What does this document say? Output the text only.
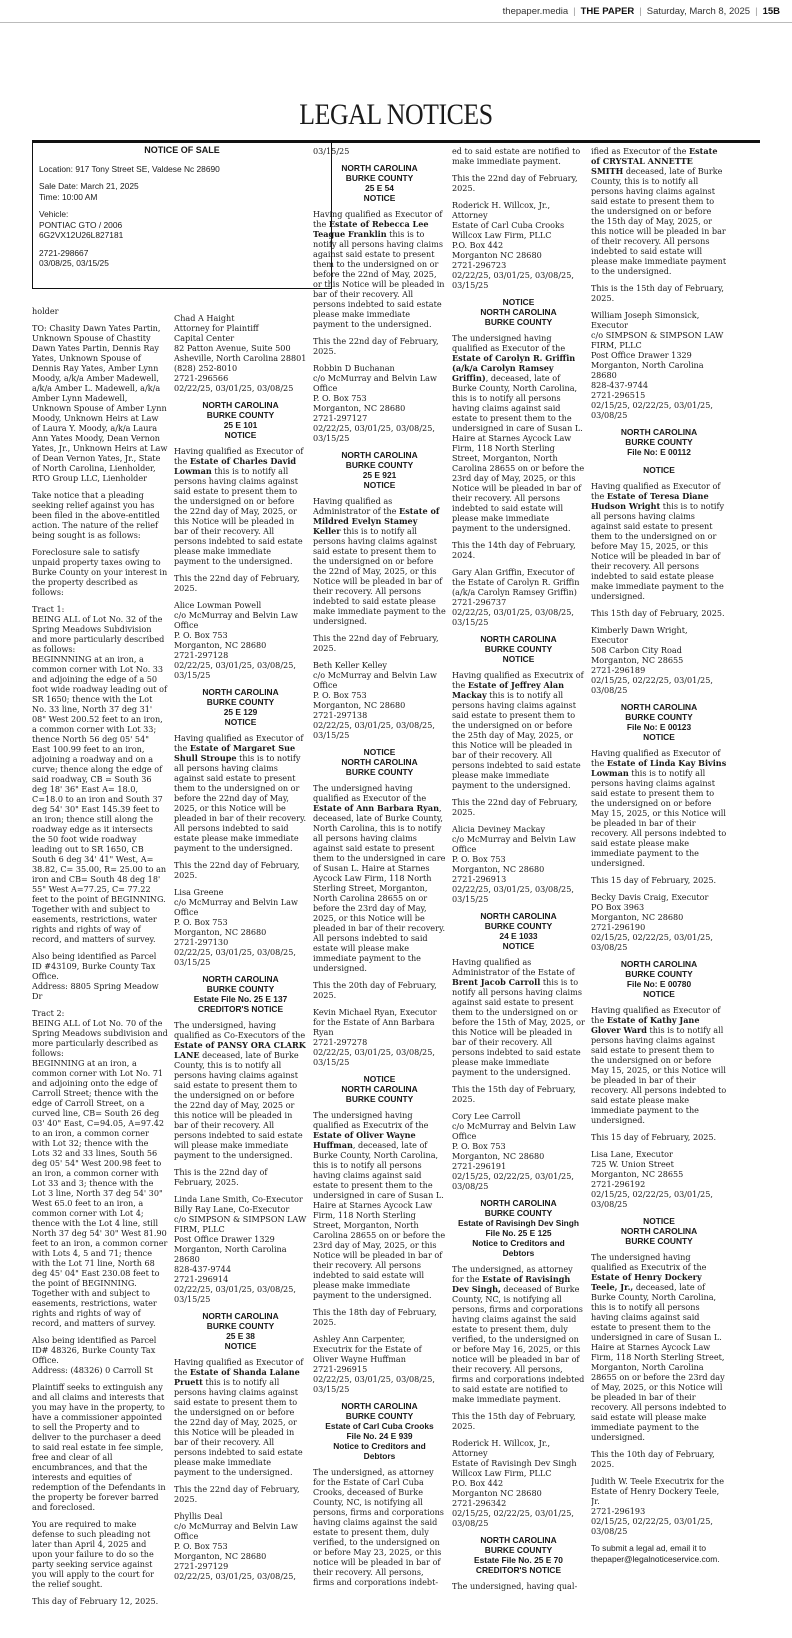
thepaper.media | THE PAPER | Saturday, March 8, 2025 | 15B
LEGAL NOTICES

holder

TO: Chasity Dawn Yates Partin, Unknown Spouse of Chastity Dawn Yates Partin, Dennis Ray Yates, Unknown Spouse of Dennis Ray Yates, Amber Lynn Moody, a/k/a Amber Madewell, a/k/a Amber L. Madewell, a/k/a Amber Lynn Madewell, Unknown Spouse of Amber Lynn Moody, Unknown Heirs at Law of Laura Y. Moody, a/k/a Laura Ann Yates Moody, Dean Vernon Yates, Jr., Unknown Heirs at Law of Dean Vernon Yates, Jr., State of North Carolina, Lienholder, RTO Group LLC, Lienholder

Take notice that a pleading seeking relief against you has been filed in the above-entitled action. The nature of the relief being sought is as follows:

Foreclosure sale to satisfy unpaid property taxes owing to Burke County on your interest in the property described as follows:

Tract 1:
BEING ALL of Lot No. 32 of the Spring Meadows Subdivision and more particularly described as follows:
BEGINNNING at an iron, a common corner with Lot No. 33 and adjoining the edge of a 50 foot wide roadway leading out of SR 1650; thence with the Lot No. 33 line, North 37 deg 31' 08" West 200.52 feet to an iron, a common corner with Lot 33; thence North 56 deg 05' 54" East 100.99 feet to an iron, adjoining a roadway and on a curve; thence along the edge of said roadway, CB = South 36 deg 18' 36" East A= 18.0, C=18.0 to an iron and South 37 deg 54' 30" East 145.39 feet to an iron; thence still along the roadway edge as it intersects the 50 foot wide roadway leading out to SR 1650, CB South 6 deg 34' 41" West, A= 38.82, C= 35.00, R= 25.00 to an iron and CB= South 48 deg 18' 55" West A=77.25, C= 77.22 feet to the point of BEGINNING.
Together with and subject to easements, restrictions, water rights and rights of way of record, and matters of survey.

Also being identified as Parcel ID #43109, Burke County Tax Office.
Address: 8805 Spring Meadow Dr

Tract 2:
BEING ALL of Lot No. 70 of the Spring Meadows subdivision and more particularly described as follows:
BEGINNING at an iron, a common corner with Lot No. 71 and adjoining onto the edge of Carroll Street; thence with the edge of Carroll Street, on a curved line, CB= South 26 deg 03' 40" East, C=94.05, A=97.42 to an iron, a common corner with Lot 32; thence with the Lots 32 and 33 lines, South 56 deg 05' 54" West 200.98 feet to an iron, a common corner with Lot 33 and 3; thence with the Lot 3 line, North 37 deg 54' 30" West 65.0 feet to an iron, a common corner with Lot 4; thence with the Lot 4 line, still North 37 deg 54' 30" West 81.90 feet to an iron, a common corner with Lots 4, 5 and 71; thence with the Lot 71 line, North 68 deg 45' 04" East 230.08 feet to the point of BEGINNING.
Together with and subject to easements, restrictions, water rights and rights of way of record, and matters of survey.

Also being identified as Parcel ID# 48326, Burke County Tax Office.
Address: (48326) 0 Carroll St

Plaintiff seeks to extinguish any and all claims and interests that you may have in the property, to have a commissioner appointed to sell the Property and to deliver to the purchaser a deed to said real estate in fee simple, free and clear of all encumbrances, and that the interests and equities of redemption of the Defendants in the property be forever barred and foreclosed.

You are required to make defense to such pleading not later than April 4, 2025 and upon your failure to do so the party seeking service against you will apply to the court for the relief sought.

This day of February 12, 2025.

NOTICE OF SALE
Location: 917 Tony Street SE, Valdese Nc 28690
Sale Date: March 21, 2025
Time: 10:00 AM
Vehicle:
PONTIAC GTO / 2006
6G2VX12U26L827181
2721-298667
03/08/25, 03/15/25

Chad A Haight
Attorney for Plaintiff
Capital Center
82 Patton Avenue, Suite 500
Asheville, North Carolina 28801
(828) 252-8010
2721-296566
02/22/25, 03/01/25, 03/08/25

NORTH CAROLINA
BURKE COUNTY
25 E 101
NOTICE

Having qualified as Executor of the Estate of Charles David Lowman this is to notify all persons having claims against said estate to present them to the undersigned on or before the 22nd day of May, 2025, or this Notice will be pleaded in bar of their recovery. All persons indebted to said estate please make immediate payment to the undersigned.

This the 22nd day of February, 2025.

Alice Lowman Powell
c/o McMurray and Belvin Law Office
P. O. Box 753
Morganton, NC 28680
2721-297128
02/22/25, 03/01/25, 03/08/25, 03/15/25

NORTH CAROLINA
BURKE COUNTY
25 E 129
NOTICE

Having qualified as Executor of the Estate of Margaret Sue Shull Stroupe this is to notify all persons having claims against said estate to present them to the undersigned on or before the 22nd day of May, 2025, or this Notice will be pleaded in bar of their recovery. All persons indebted to said estate please make immediate payment to the undersigned.

This the 22nd day of February, 2025.

Lisa Greene
c/o McMurray and Belvin Law Office
P. O. Box 753
Morganton, NC 28680
2721-297130
02/22/25, 03/01/25, 03/08/25, 03/15/25

NORTH CAROLINA
BURKE COUNTY
Estate File No. 25 E 137
CREDITOR'S NOTICE

The undersigned, having qualified as Co-Executors of the Estate of PANSY ORA CLARK LANE deceased, late of Burke County, this is to notify all persons having claims against said estate to present them to the undersigned on or before the 22nd day of May, 2025 or this notice will be pleaded in bar of their recovery. All persons indebted to said estate will please make immediate payment to the undersigned.

This is the 22nd day of February, 2025.

Linda Lane Smith, Co-Executor
Billy Ray Lane, Co-Executor
c/o SIMPSON & SIMPSON LAW FIRM, PLLC
Post Office Drawer 1329
Morganton, North Carolina 28680
828-437-9744
2721-296914
02/22/25, 03/01/25, 03/08/25, 03/15/25

NORTH CAROLINA
BURKE COUNTY
25 E 38
NOTICE

Having qualified as Executor of the Estate of Shanda Lalane Pruett this is to notify all persons having claims against said estate to present them to the undersigned on or before the 22nd day of May, 2025, or this Notice will be pleaded in bar of their recovery. All persons indebted to said estate please make immediate payment to the undersigned.

This the 22nd day of February, 2025.

Phyllis Deal
c/o McMurray and Belvin Law Office
P. O. Box 753
Morganton, NC 28680
2721-297129
02/22/25, 03/01/25, 03/08/25,

03/15/25

NORTH CAROLINA
BURKE COUNTY
25 E 54
NOTICE

Having qualified as Executor of the Estate of Rebecca Lee Teague Franklin this is to notify all persons having claims against said estate to present them to the undersigned on or before the 22nd of May, 2025, or this Notice will be pleaded in bar of their recovery. All persons indebted to said estate please make immediate payment to the undersigned.

This the 22nd day of February, 2025.

Robbin D Buchanan
c/o McMurray and Belvin Law Office
P. O. Box 753
Morganton, NC 28680
2721-297127
02/22/25, 03/01/25, 03/08/25, 03/15/25

NORTH CAROLINA
BURKE COUNTY
25 E 921
NOTICE

Having qualified as Administrator of the Estate of Mildred Evelyn Stamey Keller this is to notify all persons having claims against said estate to present them to the undersigned on or before the 22nd of May, 2025, or this Notice will be pleaded in bar of their recovery. All persons indebted to said estate please make immediate payment to the undersigned.

This the 22nd day of February, 2025.

Beth Keller Kelley
c/o McMurray and Belvin Law Office
P. O. Box 753
Morganton, NC 28680
2721-297138
02/22/25, 03/01/25, 03/08/25, 03/15/25

NOTICE
NORTH CAROLINA
BURKE COUNTY

The undersigned having qualified as Executor of the Estate of Ann Barbara Ryan, deceased, late of Burke County, North Carolina, this is to notify all persons having claims against said estate to present them to the undersigned in care of Susan L. Haire at Starnes Aycock Law Firm, 118 North Sterling Street, Morganton, North Carolina 28655 on or before the 23rd day of May, 2025, or this Notice will be pleaded in bar of their recovery. All persons indebted to said estate will please make immediate payment to the undersigned.

This the 20th day of February, 2025.

Kevin Michael Ryan, Executor for the Estate of Ann Barbara Ryan
2721-297278
02/22/25, 03/01/25, 03/08/25, 03/15/25

NOTICE
NORTH CAROLINA
BURKE COUNTY

The undersigned having qualified as Executrix of the Estate of Oliver Wayne Huffman, deceased, late of Burke County, North Carolina, this is to notify all persons having claims against said estate to present them to the undersigned in care of Susan L. Haire at Starnes Aycock Law Firm, 118 North Sterling Street, Morganton, North Carolina 28655 on or before the 23rd day of May, 2025, or this Notice will be pleaded in bar of their recovery. All persons indebted to said estate will please make immediate payment to the undersigned.

This the 18th day of February, 2025.

Ashley Ann Carpenter, Executrix for the Estate of Oliver Wayne Huffman
2721-296915
02/22/25, 03/01/25, 03/08/25, 03/15/25

NORTH CAROLINA
BURKE COUNTY
Estate of Carl Cuba Crooks
File No. 24 E 939
Notice to Creditors and
Debtors

The undersigned, as attorney for the Estate of Carl Cuba Crooks, deceased of Burke County, NC, is notifying all persons, firms and corporations having claims against the said estate to present them, duly verified, to the undersigned on or before May 23, 2025, or this notice will be pleaded in bar of their recovery. All persons, firms and corporations indebt-

ed to said estate are notified to make immediate payment.

This the 22nd day of February, 2025.

Roderick H. Willcox, Jr., Attorney
Estate of Carl Cuba Crooks
Willcox Law Firm, PLLC
P.O. Box 442
Morganton NC 28680
2721-296723
02/22/25, 03/01/25, 03/08/25, 03/15/25

NOTICE
NORTH CAROLINA
BURKE COUNTY

The undersigned having qualified as Executor of the Estate of Carolyn R. Griffin (a/k/a Carolyn Ramsey Griffin), deceased, late of Burke County, North Carolina, this is to notify all persons having claims against said estate to present them to the undersigned in care of Susan L. Haire at Starnes Aycock Law Firm, 118 North Sterling Street, Morganton, North Carolina 28655 on or before the 23rd day of May, 2025, or this Notice will be pleaded in bar of their recovery. All persons indebted to said estate will please make immediate payment to the undersigned.

This the 14th day of February, 2024.

Gary Alan Griffin, Executor of the Estate of Carolyn R. Griffin (a/k/a Carolyn Ramsey Griffin)
2721-296737
02/22/25, 03/01/25, 03/08/25, 03/15/25

NORTH CAROLINA
BURKE COUNTY
NOTICE

Having qualified as Executrix of the Estate of Jeffrey Alan Mackay this is to notify all persons having claims against said estate to present them to the undersigned on or before the 25th day of May, 2025, or this Notice will be pleaded in bar of their recovery. All persons indebted to said estate please make immediate payment to the undersigned.

This the 22nd day of February, 2025.

Alicia Deviney Mackay
c/o McMurray and Belvin Law Office
P. O. Box 753
Morganton, NC 28680
2721-296913
02/22/25, 03/01/25, 03/08/25, 03/15/25

NORTH CAROLINA
BURKE COUNTY
24 E 1033
NOTICE

Having qualified as Administrator of the Estate of Brent Jacob Carroll this is to notify all persons having claims against said estate to present them to the undersigned on or before the 15th of May, 2025, or this Notice will be pleaded in bar of their recovery. All persons indebted to said estate please make immediate payment to the undersigned.

This the 15th day of February, 2025.

Cory Lee Carroll
c/o McMurray and Belvin Law Office
P. O. Box 753
Morganton, NC 28680
2721-296191
02/15/25, 02/22/25, 03/01/25, 03/08/25

NORTH CAROLINA
BURKE COUNTY
Estate of Ravisingh Dev Singh
File No. 25 E 125
Notice to Creditors and
Debtors

The undersigned, as attorney for the Estate of Ravisingh Dev Singh, deceased of Burke County, NC, is notifying all persons, firms and corporations having claims against the said estate to present them, duly verified, to the undersigned on or before May 16, 2025, or this notice will be pleaded in bar of their recovery. All persons, firms and corporations indebted to said estate are notified to make immediate payment.

This the 15th day of February, 2025.

Roderick H. Willcox, Jr., Attorney
Estate of Ravisingh Dev Singh
Willcox Law Firm, PLLC
P.O. Box 442
Morganton NC 28680
2721-296342
02/15/25, 02/22/25, 03/01/25, 03/08/25

NORTH CAROLINA
BURKE COUNTY
Estate File No. 25 E 70
CREDITOR'S NOTICE

The undersigned, having qual-

ified as Executor of the Estate of CRYSTAL ANNETTE SMITH deceased, late of Burke County, this is to notify all persons having claims against said estate to present them to the undersigned on or before the 15th day of May, 2025, or this notice will be pleaded in bar of their recovery. All persons indebted to said estate will please make immediate payment to the undersigned.

This is the 15th day of February, 2025.

William Joseph Simonsick, Executor
c/o SIMPSON & SIMPSON LAW FIRM, PLLC
Post Office Drawer 1329
Morganton, North Carolina 28680
828-437-9744
2721-296515
02/15/25, 02/22/25, 03/01/25, 03/08/25

NORTH CAROLINA
BURKE COUNTY
File No: E 00112
NOTICE

Having qualified as Executor of the Estate of Teresa Diane Hudson Wright this is to notify all persons having claims against said estate to present them to the undersigned on or before May 15, 2025, or this Notice will be pleaded in bar of their recovery. All persons indebted to said estate please make immediate payment to the undersigned.

This 15th day of February, 2025.

Kimberly Dawn Wright, Executor
508 Carbon City Road
Morganton, NC 28655
2721-296189
02/15/25, 02/22/25, 03/01/25, 03/08/25

NORTH CAROLINA
BURKE COUNTY
File No: E 00123
NOTICE

Having qualified as Executor of the Estate of Linda Kay Bivins Lowman this is to notify all persons having claims against said estate to present them to the undersigned on or before May 15, 2025, or this Notice will be pleaded in bar of their recovery. All persons indebted to said estate please make immediate payment to the undersigned.

This 15 day of February, 2025.

Becky Davis Craig, Executor
PO Box 3963
Morganton, NC 28680
2721-296190
02/15/25, 02/22/25, 03/01/25, 03/08/25

NORTH CAROLINA
BURKE COUNTY
File No: E 00780
NOTICE

Having qualified as Executor of the Estate of Kathy Jane Glover Ward this is to notify all persons having claims against said estate to present them to the undersigned on or before May 15, 2025, or this Notice will be pleaded in bar of their recovery. All persons indebted to said estate please make immediate payment to the undersigned.

This 15 day of February, 2025.

Lisa Lane, Executor
725 W. Union Street
Morganton, NC 28655
2721-296192
02/15/25, 02/22/25, 03/01/25, 03/08/25

NOTICE
NORTH CAROLINA
BURKE COUNTY

The undersigned having qualified as Executrix of the Estate of Henry Dockery Teele, Jr., deceased, late of Burke County, North Carolina, this is to notify all persons having claims against said estate to present them to the undersigned in care of Susan L. Haire at Starnes Aycock Law Firm, 118 North Sterling Street, Morganton, North Carolina 28655 on or before the 23rd day of May, 2025, or this Notice will be pleaded in bar of their recovery. All persons indebted to said estate will please make immediate payment to the undersigned.

This the 10th day of February, 2025.

Judith W. Teele Executrix for the Estate of Henry Dockery Teele, Jr.
2721-296193
02/15/25, 02/22/25, 03/01/25, 03/08/25

To submit a legal ad, email it to thepaper@legalnoticeservice.com.
